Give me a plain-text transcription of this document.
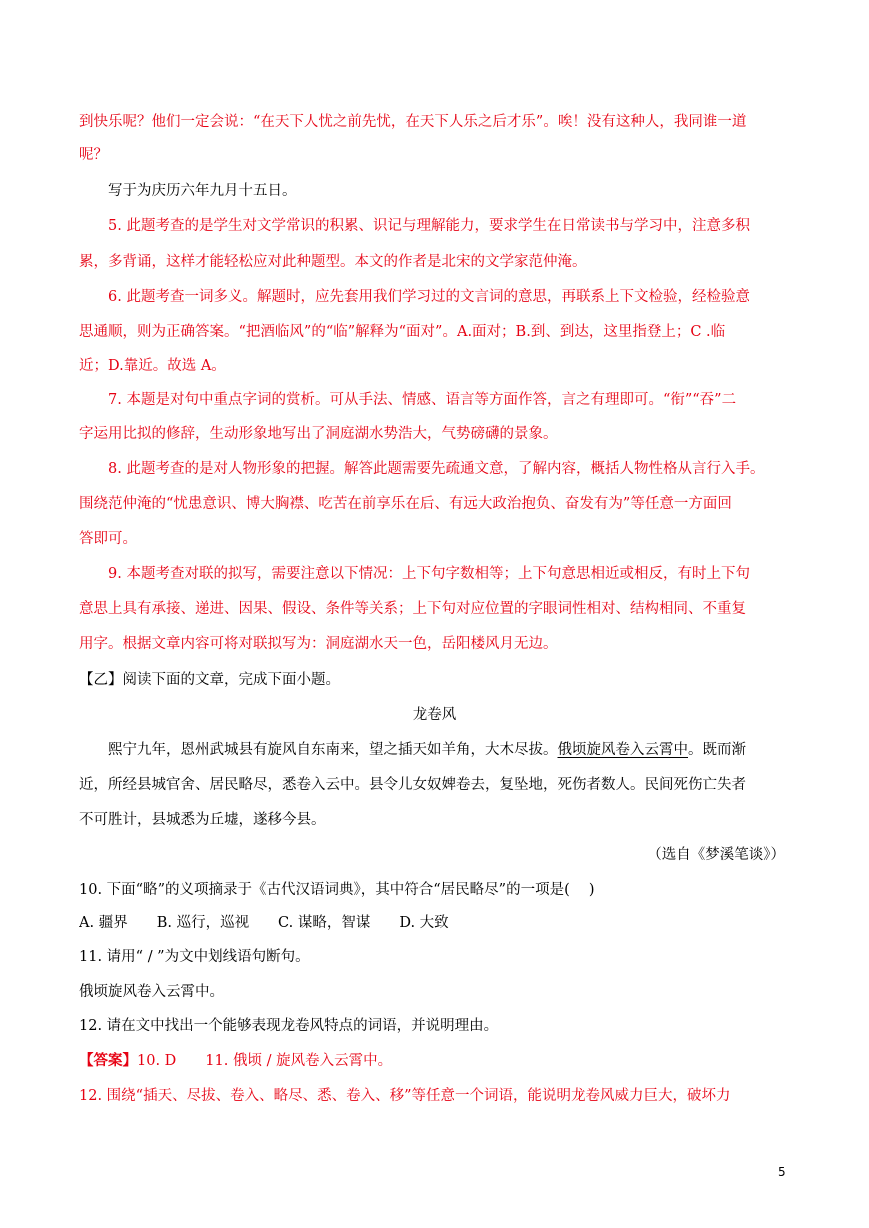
到快乐呢？他们一定会说：“在天下人忧之前先忧，在天下人乐之后才乐”。唉！没有这种人，我同谁一道
呢？
写于为庆历六年九月十五日。
5. 此题考查的是学生对文学常识的积累、识记与理解能力，要求学生在日常读书与学习中，注意多积
累，多背诵，这样才能轻松应对此种题型。本文的作者是北宋的文学家范仲淹。
6. 此题考查一词多义。解题时，应先套用我们学习过的文言词的意思，再联系上下文检验，经检验意
思通顺，则为正确答案。“把酒临风”的“临”解释为“面对”。A.面对；B.到、到达，这里指登上；C .临
近；D.靠近。故选 A。
7. 本题是对句中重点字词的赏析。可从手法、情感、语言等方面作答，言之有理即可。“衔”“吞”二
字运用比拟的修辞，生动形象地写出了洞庭湖水势浩大，气势磅礴的景象。
8. 此题考查的是对人物形象的把握。解答此题需要先疏通文意，了解内容，概括人物性格从言行入手。
围绕范仲淹的“忧患意识、博大胸襟、吃苦在前享乐在后、有远大政治抱负、奋发有为”等任意一方面回
答即可。
9. 本题考查对联的拟写，需要注意以下情况：上下句字数相等；上下句意思相近或相反，有时上下句
意思上具有承接、递进、因果、假设、条件等关系；上下句对应位置的字眼词性相对、结构相同、不重复
用字。根据文章内容可将对联拟写为：洞庭湖水天一色，岳阳楼风月无边。
【乙】阅读下面的文章，完成下面小题。
龙卷风
熙宁九年，恩州武城县有旋风自东南来，望之插天如羊角，大木尽拔。俄顷旋风卷入云霄中。既而渐
近，所经县城官舍、居民略尽，悉卷入云中。县令儿女奴婢卷去，复坠地，死伤者数人。民间死伤亡失者
不可胜计，县城悉为丘墟，遂移今县。
（选自《梦溪笔谈》）
10. 下面“略”的义项摘录于《古代汉语词典》，其中符合“居民略尽”的一项是(　 )
A. 疆界　　B. 巡行，巡视　　C. 谋略，智谋　　D. 大致
11. 请用“ / ”为文中划线语句断句。
俄顷旋风卷入云霄中。
12. 请在文中找出一个能够表现龙卷风特点的词语，并说明理由。
【答案】10. D　　11. 俄顷 / 旋风卷入云霄中。
12. 围绕“插天、尽拔、卷入、略尽、悉、卷入、移”等任意一个词语，能说明龙卷风威力巨大，破坏力
5
